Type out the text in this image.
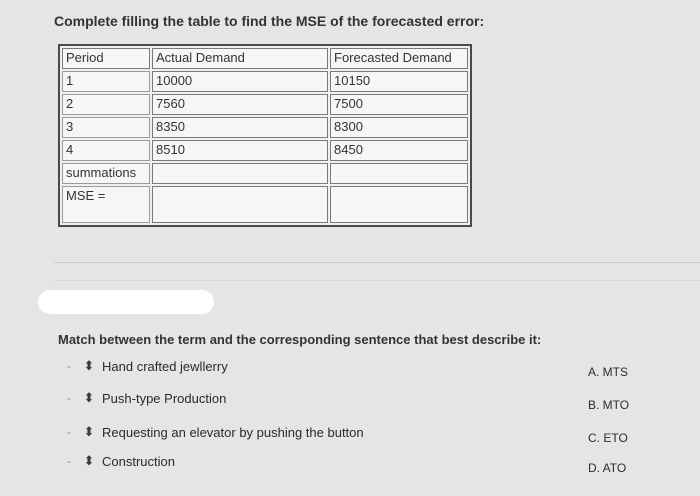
Complete filling the table to find the MSE of the forecasted error:
Period	Actual Demand	Forecasted Demand
1	10000	10150
2	7560	7500
3	8350	8300
4	8510	8450
summations		
MSE =		
Match between the term and the corresponding sentence that best describe it:
- ⬍ Hand crafted jewllerry
- ⬍ Push-type Production
- ⬍ Requesting an elevator by pushing the button
- ⬍ Construction
A. MTS
B. MTO
C. ETO
D. ATO
